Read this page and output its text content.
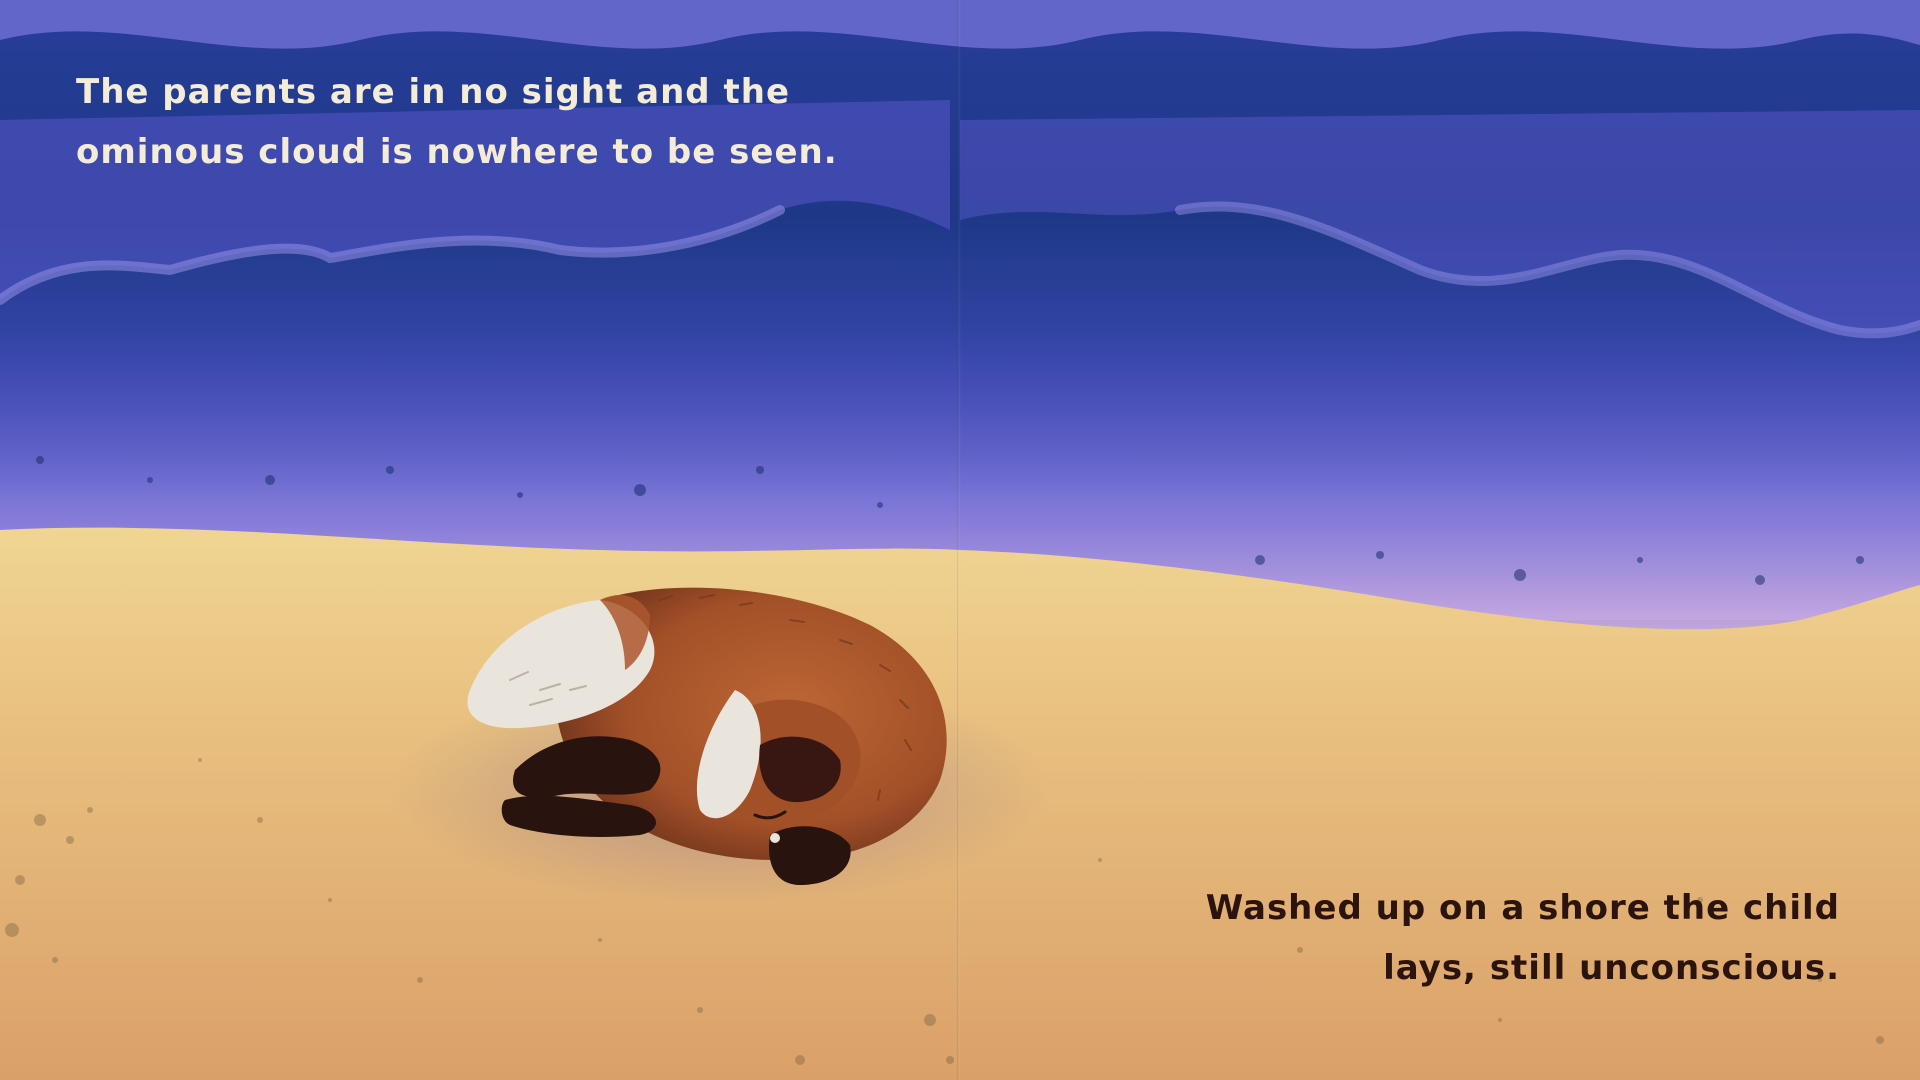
The parents are in no sight and the
ominous cloud is nowhere to be seen.
Washed up on a shore the child
lays, still unconscious.
